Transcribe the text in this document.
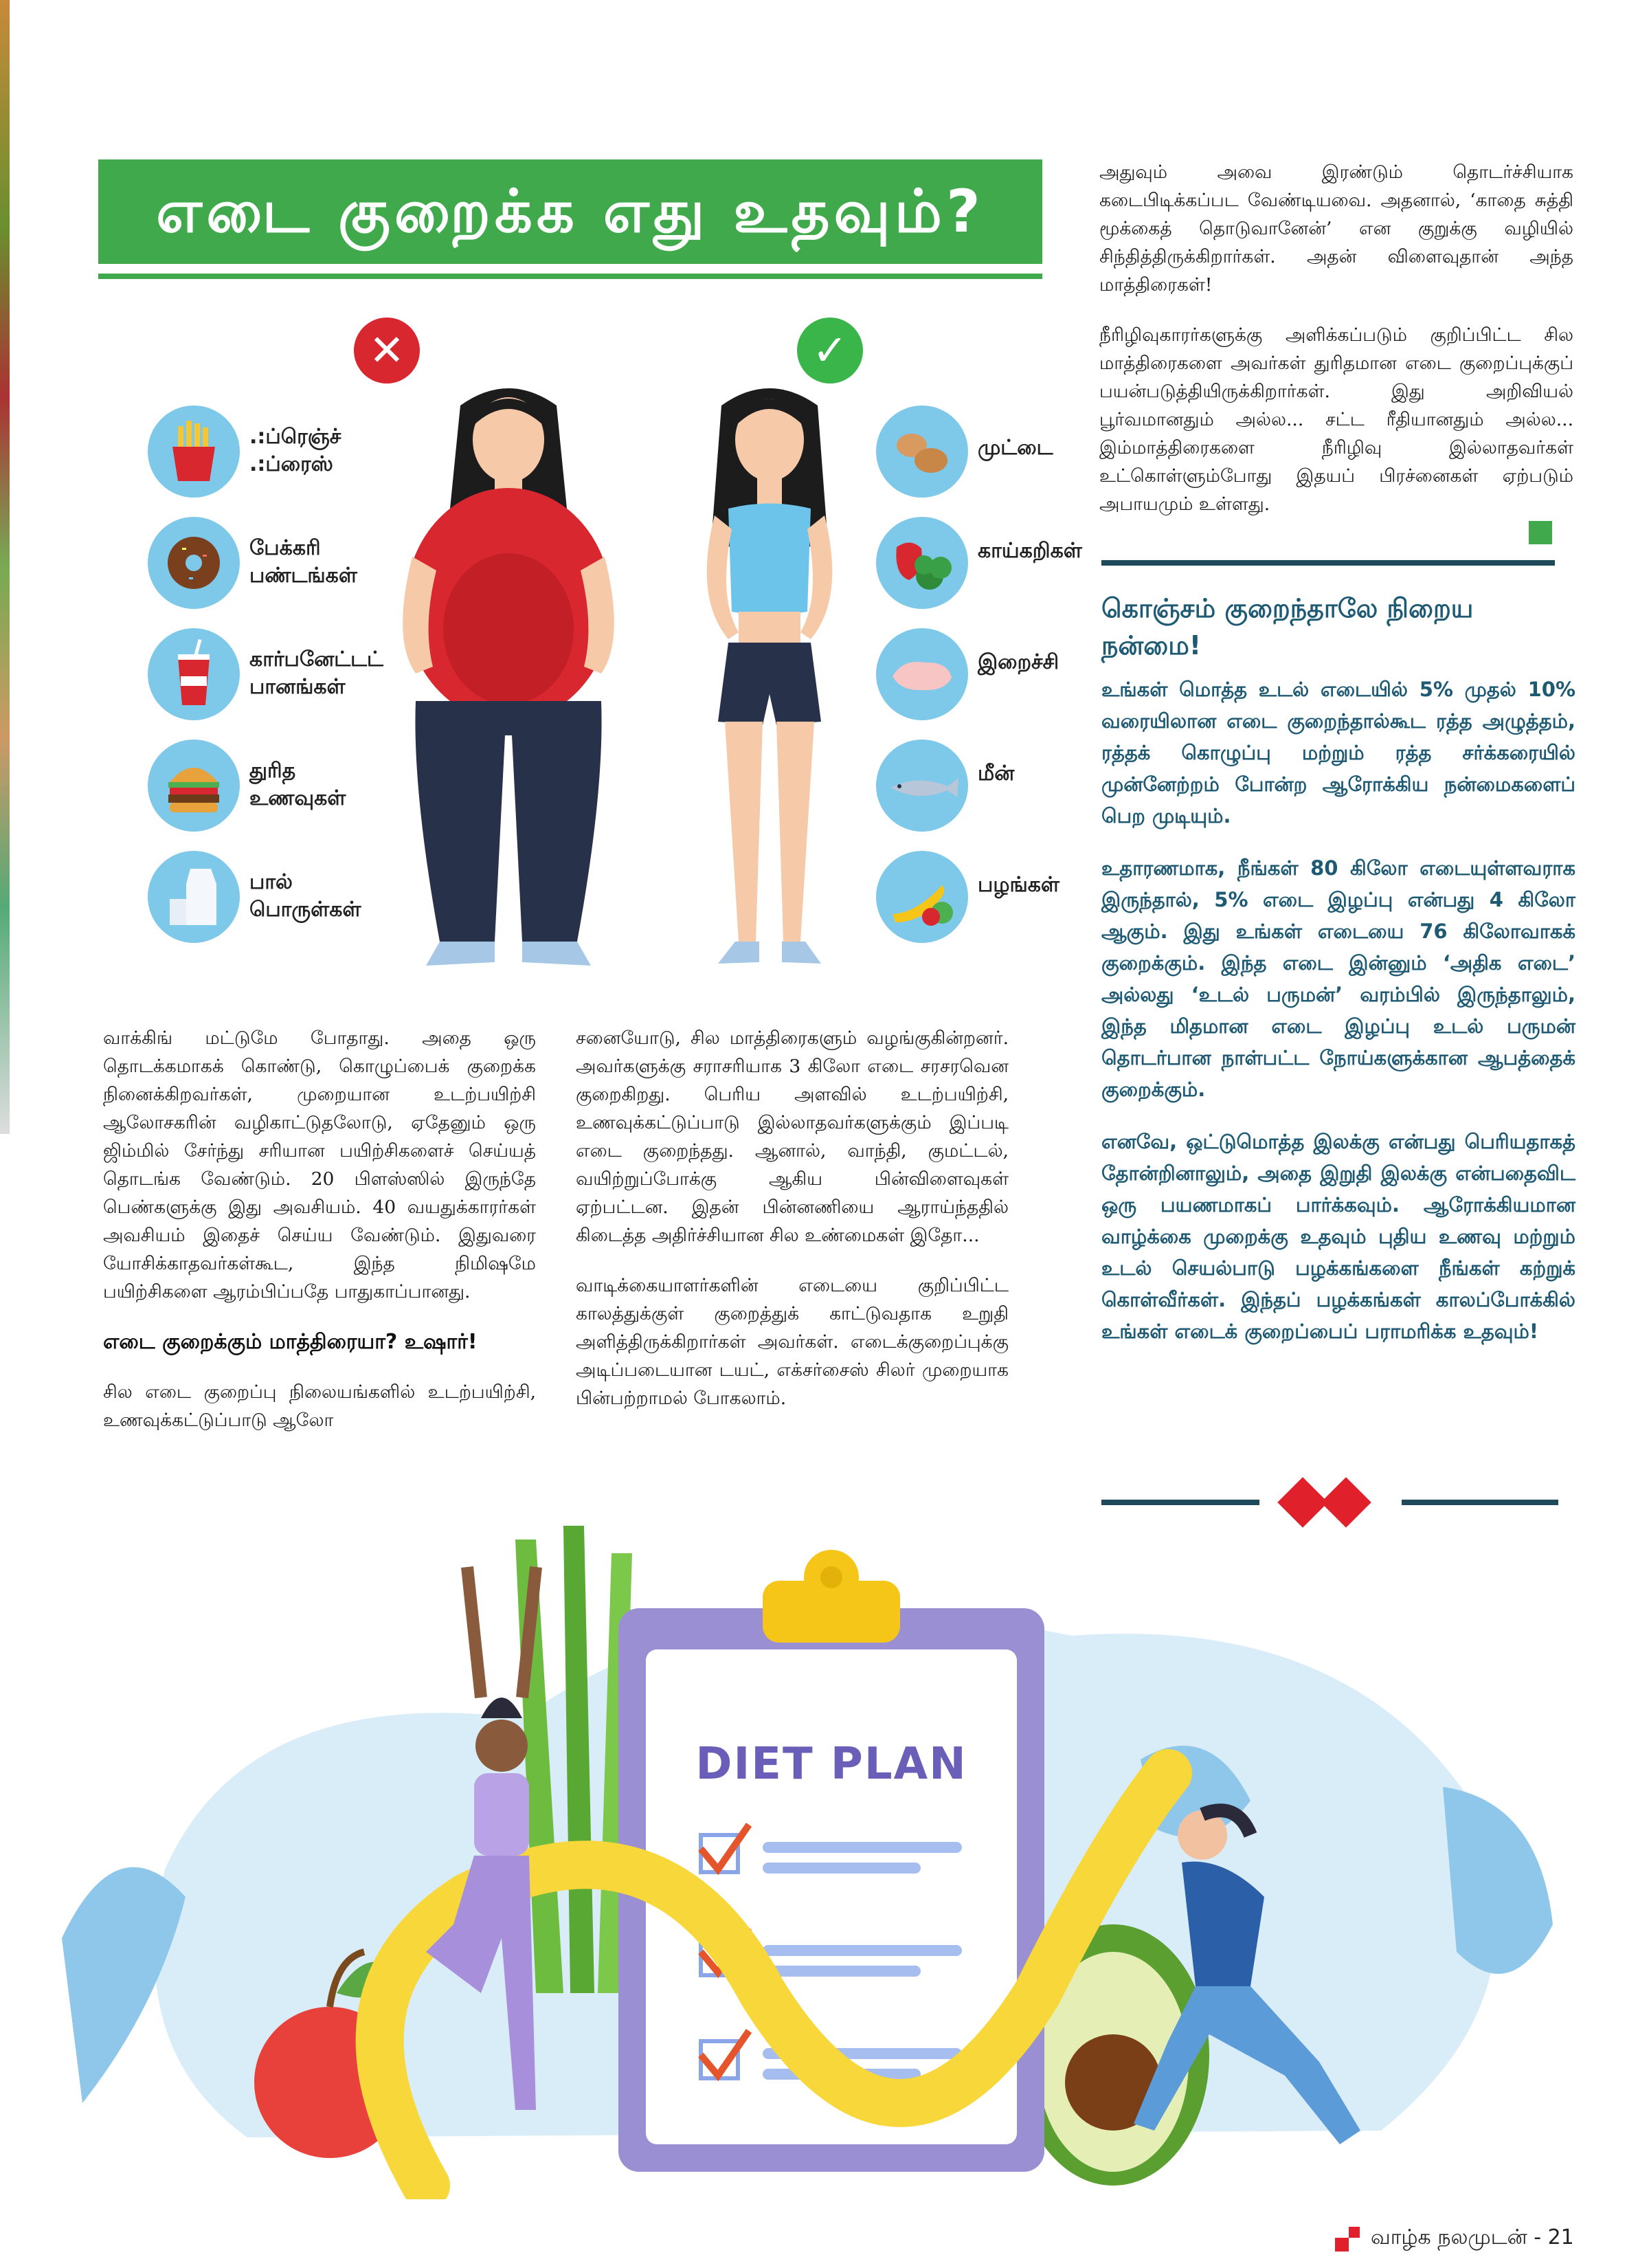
எடை குறைக்க எது உதவும்?
✕	✓
.:ப்ரெஞ்ச் .:ப்ரைஸ்
பேக்கரி பண்டங்கள்
கார்பனேட்டட் பானங்கள்
துரித உணவுகள்
பால் பொருள்கள்
முட்டை
காய்கறிகள்
இறைச்சி
மீன்
பழங்கள்

வாக்கிங் மட்டுமே போதாது. அதை ஒரு தொடக்கமாகக் கொண்டு, கொழுப்பைக் குறைக்க நினைக்கிறவர்கள், முறையான உடற்பயிற்சி ஆலோசகரின் வழிகாட்டுதலோடு, ஏதேனும் ஒரு ஜிம்மில் சேர்ந்து சரியான பயிற்சிகளைச் செய்யத் தொடங்க வேண்டும். 20 பிளஸ்ஸில் இருந்தே பெண்களுக்கு இது அவசியம். 40 வயதுக்காரர்கள் அவசியம் இதைச் செய்ய வேண்டும். இதுவரை யோசிக்காதவர்கள்கூட, இந்த நிமிஷமே பயிற்சிகளை ஆரம்பிப்பதே பாதுகாப்பானது.

எடை குறைக்கும் மாத்திரையா? உஷார்!

சில எடை குறைப்பு நிலையங்களில் உடற்பயிற்சி, உணவுக்கட்டுப்பாடு ஆலோ

சனையோடு, சில மாத்திரைகளும் வழங்குகின்றனர். அவர்களுக்கு சராசரியாக 3 கிலோ எடை சரசரவென குறைகிறது. பெரிய அளவில் உடற்பயிற்சி, உணவுக்கட்டுப்பாடு இல்லாதவர்களுக்கும் இப்படி எடை குறைந்தது. ஆனால், வாந்தி, குமட்டல், வயிற்றுப்போக்கு ஆகிய பின்விளைவுகள் ஏற்பட்டன. இதன் பின்னணியை ஆராய்ந்ததில் கிடைத்த அதிர்ச்சியான சில உண்மைகள் இதோ...

வாடிக்கையாளர்களின் எடையை குறிப்பிட்ட காலத்துக்குள் குறைத்துக் காட்டுவதாக உறுதி அளித்திருக்கிறார்கள் அவர்கள். எடைக்குறைப்புக்கு அடிப்படையான டயட், எக்சர்சைஸ் சிலர் முறையாக பின்பற்றாமல் போகலாம்.

அதுவும் அவை இரண்டும் தொடர்ச்சியாக கடைபிடிக்கப்பட வேண்டியவை. அதனால், ‘காதை சுத்தி மூக்கைத் தொடுவானேன்’ என குறுக்கு வழியில் சிந்தித்திருக்கிறார்கள். அதன் விளைவுதான் அந்த மாத்திரைகள்!

நீரிழிவுகாரர்களுக்கு அளிக்கப்படும் குறிப்பிட்ட சில மாத்திரைகளை அவர்கள் துரிதமான எடை குறைப்புக்குப் பயன்படுத்தியிருக்கிறார்கள். இது அறிவியல் பூர்வமானதும் அல்ல... சட்ட ரீதியானதும் அல்ல... இம்மாத்திரைகளை நீரிழிவு இல்லாதவர்கள் உட்கொள்ளும்போது இதயப் பிரச்னைகள் ஏற்படும் அபாயமும் உள்ளது.

கொஞ்சம் குறைந்தாலே நிறைய நன்மை!

உங்கள் மொத்த உடல் எடையில் 5% முதல் 10% வரையிலான எடை குறைந்தால்கூட ரத்த அழுத்தம், ரத்தக் கொழுப்பு மற்றும் ரத்த சர்க்கரையில் முன்னேற்றம் போன்ற ஆரோக்கிய நன்மைகளைப் பெற முடியும்.

உதாரணமாக, நீங்கள் 80 கிலோ எடையுள்ளவராக இருந்தால், 5% எடை இழப்பு என்பது 4 கிலோ ஆகும். இது உங்கள் எடையை 76 கிலோவாகக் குறைக்கும். இந்த எடை இன்னும் ‘அதிக எடை’ அல்லது ‘உடல் பருமன்’ வரம்பில் இருந்தாலும், இந்த மிதமான எடை இழப்பு உடல் பருமன் தொடர்பான நாள்பட்ட நோய்களுக்கான ஆபத்தைக் குறைக்கும்.

எனவே, ஒட்டுமொத்த இலக்கு என்பது பெரியதாகத் தோன்றினாலும், அதை இறுதி இலக்கு என்பதைவிட ஒரு பயணமாகப் பார்க்கவும். ஆரோக்கியமான வாழ்க்கை முறைக்கு உதவும் புதிய உணவு மற்றும் உடல் செயல்பாடு பழக்கங்களை நீங்கள் கற்றுக் கொள்வீர்கள். இந்தப் பழக்கங்கள் காலப்போக்கில் உங்கள் எடைக் குறைப்பைப் பராமரிக்க உதவும்!

DIET PLAN
வாழ்க நலமுடன் - 21
